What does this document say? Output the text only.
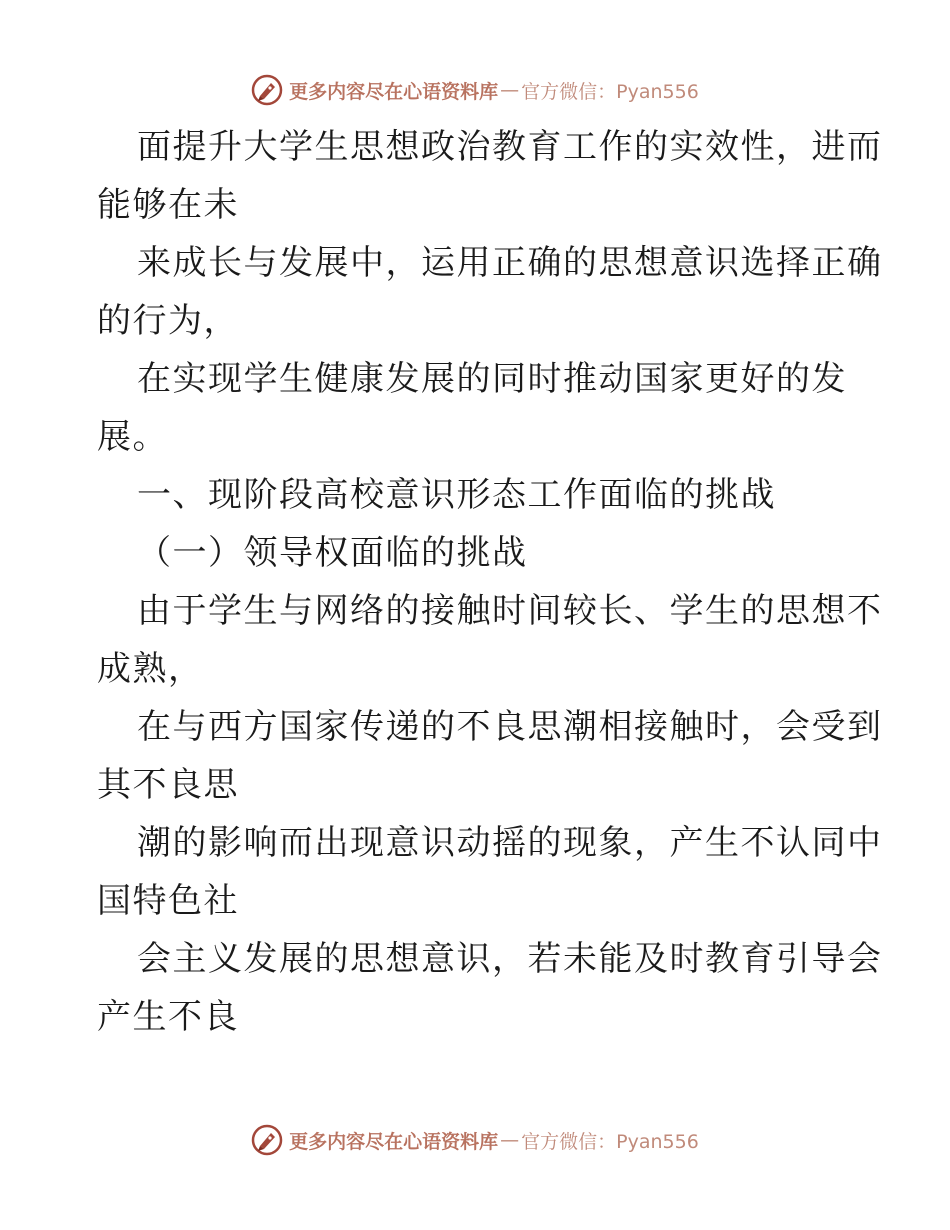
更多内容尽在心语资料库 — 官方微信：Pyan556
面提升大学生思想政治教育工作的实效性，进而
能够在未
来成长与发展中，运用正确的思想意识选择正确
的行为，
在实现学生健康发展的同时推动国家更好的发
展。
一、现阶段高校意识形态工作面临的挑战
（一）领导权面临的挑战
由于学生与网络的接触时间较长、学生的思想不
成熟，
在与西方国家传递的不良思潮相接触时，会受到
其不良思
潮的影响而出现意识动摇的现象，产生不认同中
国特色社
会主义发展的思想意识，若未能及时教育引导会
产生不良
更多内容尽在心语资料库 — 官方微信：Pyan556
